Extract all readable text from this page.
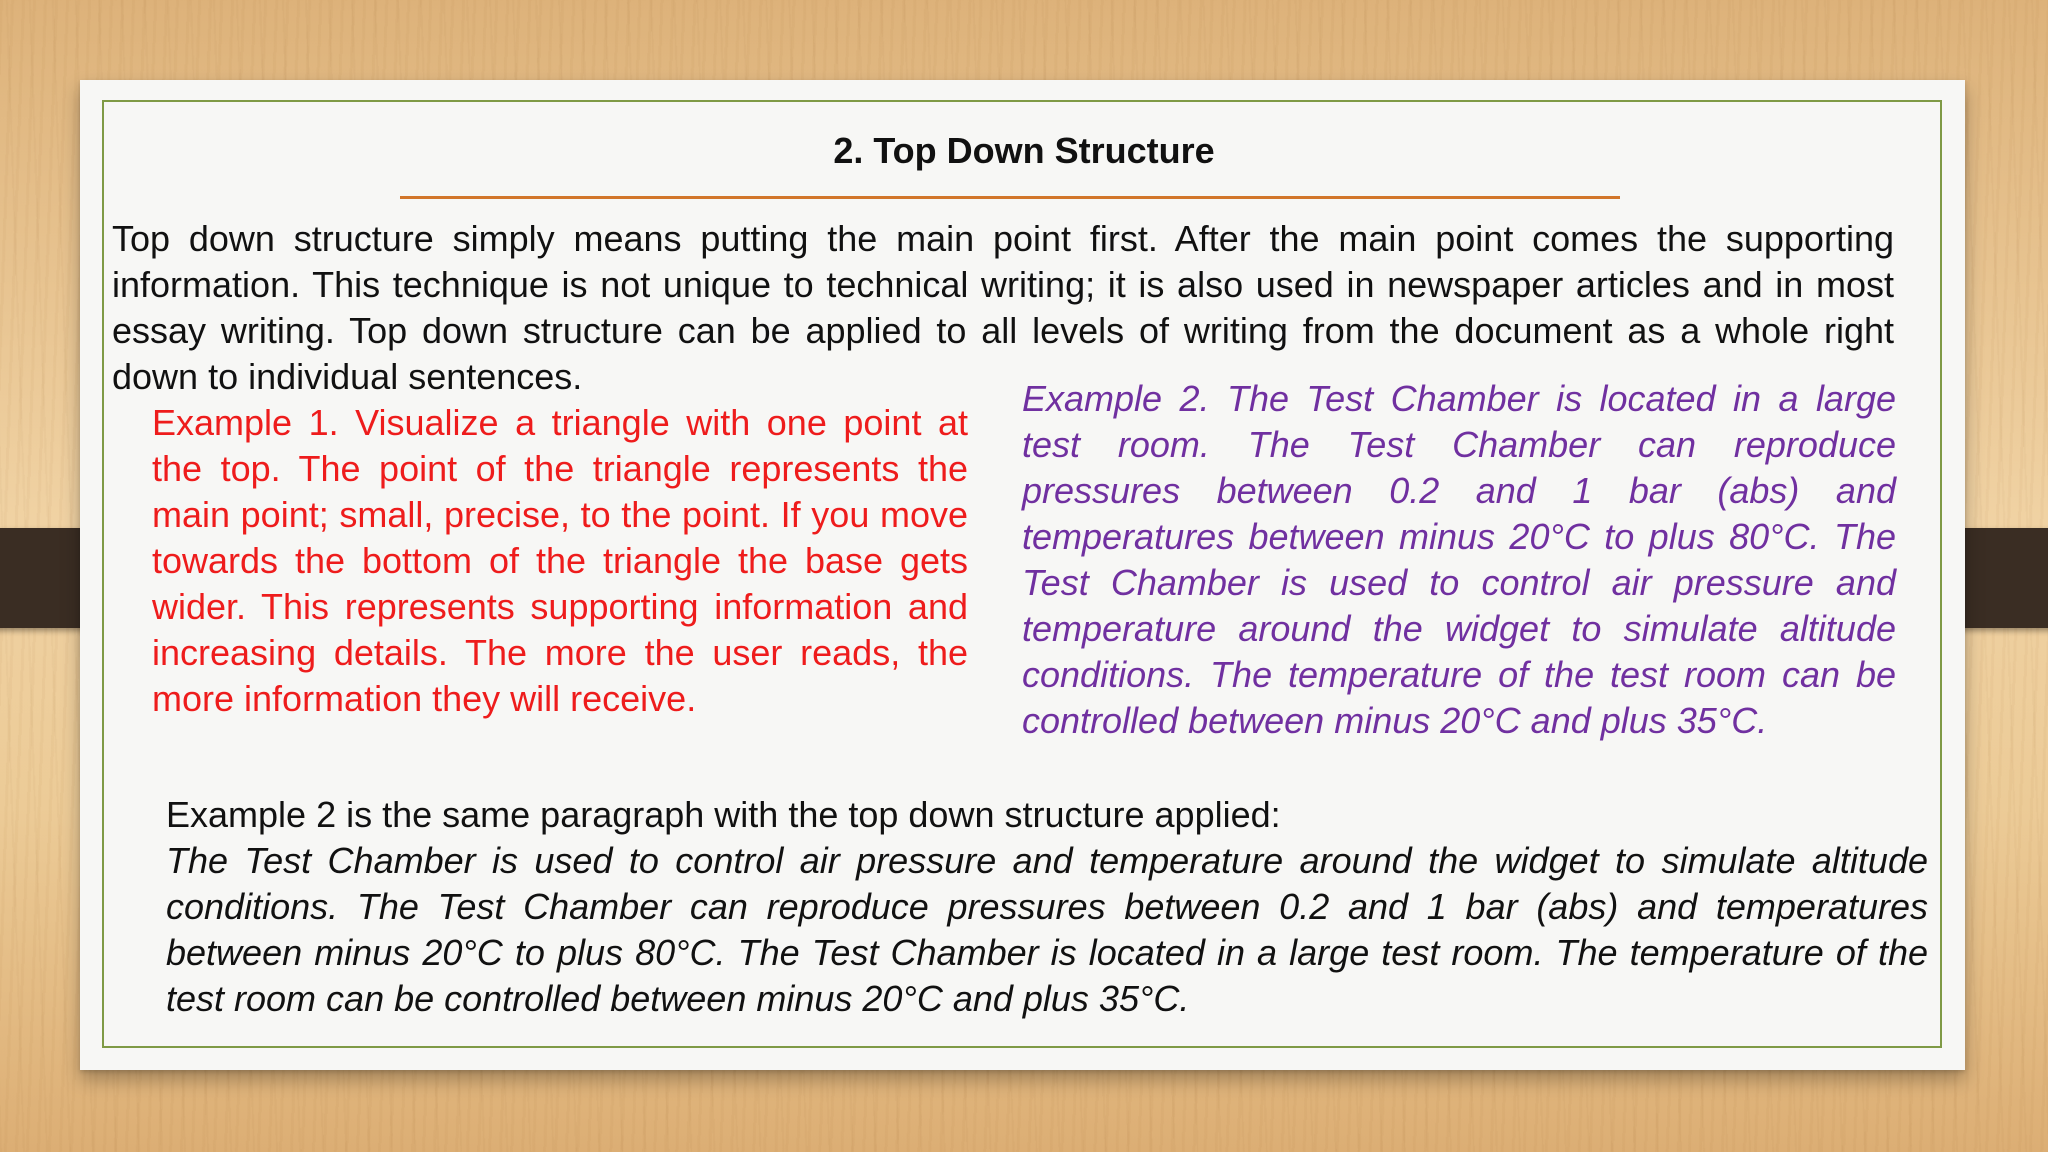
2. Top Down Structure

Top down structure simply means putting the main point first. After the main point comes the supporting information. This technique is not unique to technical writing; it is also used in newspaper articles and in most essay writing. Top down structure can be applied to all levels of writing from the document as a whole right down to individual sentences.

Example 1. Visualize a triangle with one point at the top. The point of the triangle represents the main point; small, precise, to the point. If you move towards the bottom of the triangle the base gets wider. This represents supporting information and increasing details. The more the user reads, the more information they will receive.

Example 2. The Test Chamber is located in a large test room. The Test Chamber can reproduce pressures between 0.2 and 1 bar (abs) and temperatures between minus 20°C to plus 80°C. The Test Chamber is used to control air pressure and temperature around the widget to simulate altitude conditions. The temperature of the test room can be controlled between minus 20°C and plus 35°C.

Example 2 is the same paragraph with the top down structure applied:

The Test Chamber is used to control air pressure and temperature around the widget to simulate altitude conditions. The Test Chamber can reproduce pressures between 0.2 and 1 bar (abs) and temperatures between minus 20°C to plus 80°C. The Test Chamber is located in a large test room. The temperature of the test room can be controlled between minus 20°C and plus 35°C.
